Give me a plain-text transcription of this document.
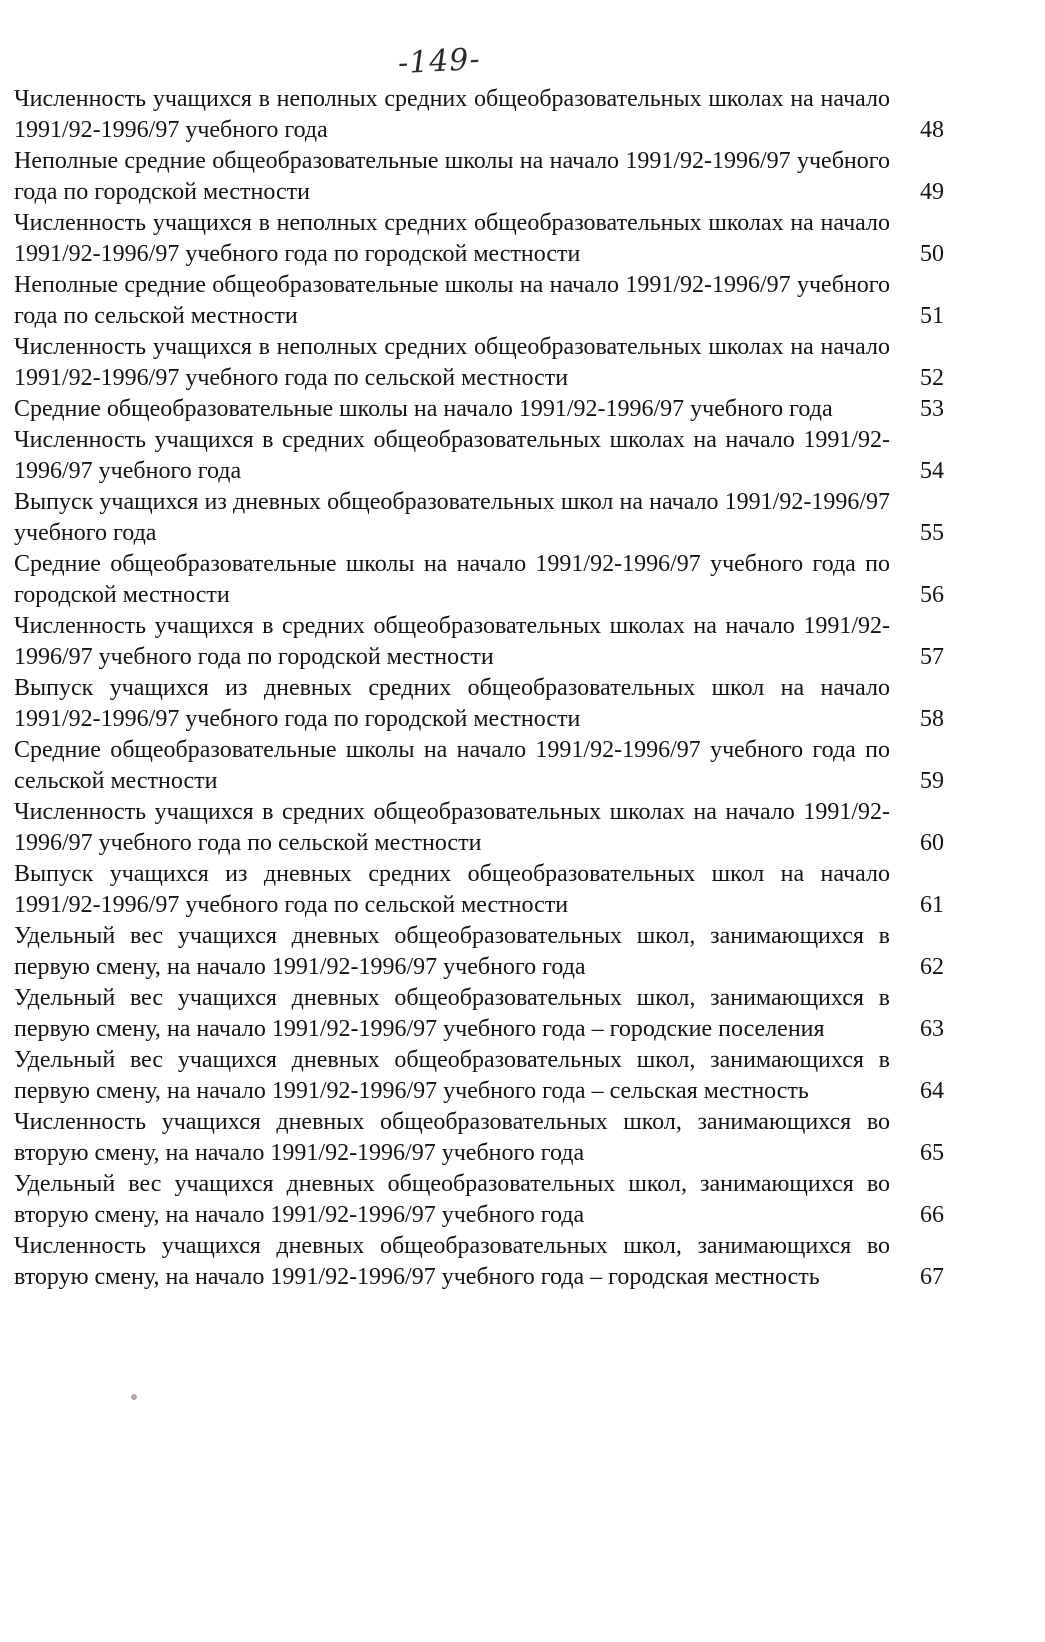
-149-
Численность учащихся в неполных средних общеобразовательных школах на начало 1991/92-1996/97 учебного года	48
Неполные средние общеобразовательные школы на начало 1991/92-1996/97 учебного года по городской местности	49
Численность учащихся в неполных средних общеобразовательных школах на начало 1991/92-1996/97 учебного года по городской местности	50
Неполные средние общеобразовательные школы на начало 1991/92-1996/97 учебного года по сельской местности	51
Численность учащихся в неполных средних общеобразовательных школах на начало 1991/92-1996/97 учебного года по сельской местности	52
Средние общеобразовательные школы на начало 1991/92-1996/97 учебного года	53
Численность учащихся в средних общеобразовательных школах на начало 1991/92-1996/97 учебного года	54
Выпуск учащихся из дневных общеобразовательных школ на начало 1991/92-1996/97 учебного года	55
Средние общеобразовательные школы на начало 1991/92-1996/97 учебного года по городской местности	56
Численность учащихся в средних общеобразовательных школах на начало 1991/92-1996/97 учебного года по городской местности	57
Выпуск учащихся из дневных средних общеобразовательных школ на начало 1991/92-1996/97 учебного года по городской местности	58
Средние общеобразовательные школы на начало 1991/92-1996/97 учебного года по сельской местности	59
Численность учащихся в средних общеобразовательных школах на начало 1991/92-1996/97 учебного года по сельской местности	60
Выпуск учащихся из дневных средних общеобразовательных школ на начало 1991/92-1996/97 учебного года по сельской местности	61
Удельный вес учащихся дневных общеобразовательных школ, занимающихся в первую смену, на начало 1991/92-1996/97 учебного года	62
Удельный вес учащихся дневных общеобразовательных школ, занимающихся в первую смену, на начало 1991/92-1996/97 учебного года – городские поселения	63
Удельный вес учащихся дневных общеобразовательных школ, занимающихся в первую смену, на начало 1991/92-1996/97 учебного года – сельская местность	64
Численность учащихся дневных общеобразовательных школ, занимающихся во вторую смену, на начало 1991/92-1996/97 учебного года	65
Удельный вес учащихся дневных общеобразовательных школ, занимающихся во вторую смену, на начало 1991/92-1996/97 учебного года	66
Численность учащихся дневных общеобразовательных школ, занимающихся во вторую смену, на начало 1991/92-1996/97 учебного года – городская местность	67
